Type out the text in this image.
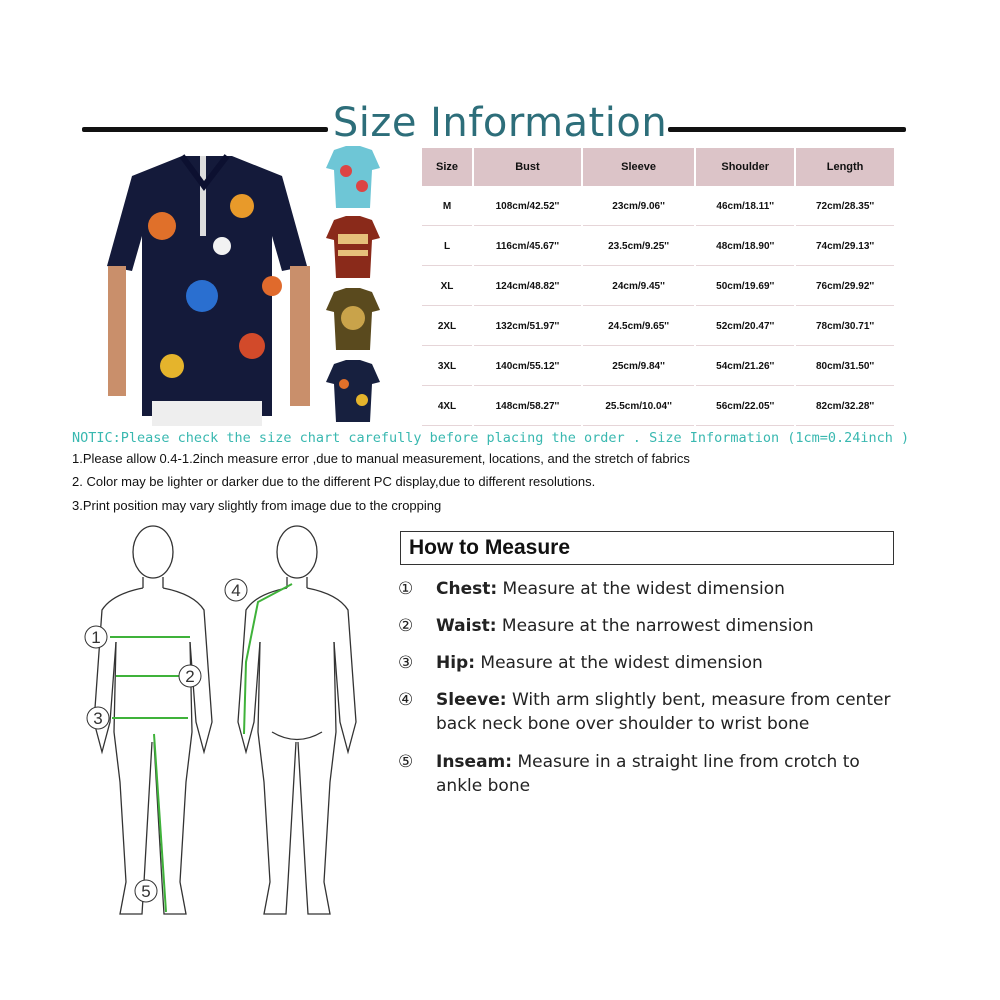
Size Information
Size	Bust	Sleeve	Shoulder	Length
M	108cm/42.52''	23cm/9.06''	46cm/18.11''	72cm/28.35''
L	116cm/45.67''	23.5cm/9.25''	48cm/18.90''	74cm/29.13''
XL	124cm/48.82''	24cm/9.45''	50cm/19.69''	76cm/29.92''
2XL	132cm/51.97''	24.5cm/9.65''	52cm/20.47''	78cm/30.71''
3XL	140cm/55.12''	25cm/9.84''	54cm/21.26''	80cm/31.50''
4XL	148cm/58.27''	25.5cm/10.04''	56cm/22.05''	82cm/32.28''
NOTIC:Please check the size chart carefully before placing the order . Size Information (1cm=0.24inch )
1.Please allow 0.4-1.2inch measure error ,due to manual measurement, locations, and the stretch of fabrics
2. Color may be lighter or darker due to the different PC display,due to different resolutions.
3.Print position may vary slightly from image due to the cropping
1
2
3
5
4
How to Measure
①	Chest: Measure at the widest dimension
②	Waist: Measure at the narrowest dimension
③	Hip: Measure at the widest dimension
④	Sleeve: With arm slightly bent, measure from center back neck bone over shoulder to wrist bone
⑤	Inseam: Measure in a straight line from crotch to ankle bone
